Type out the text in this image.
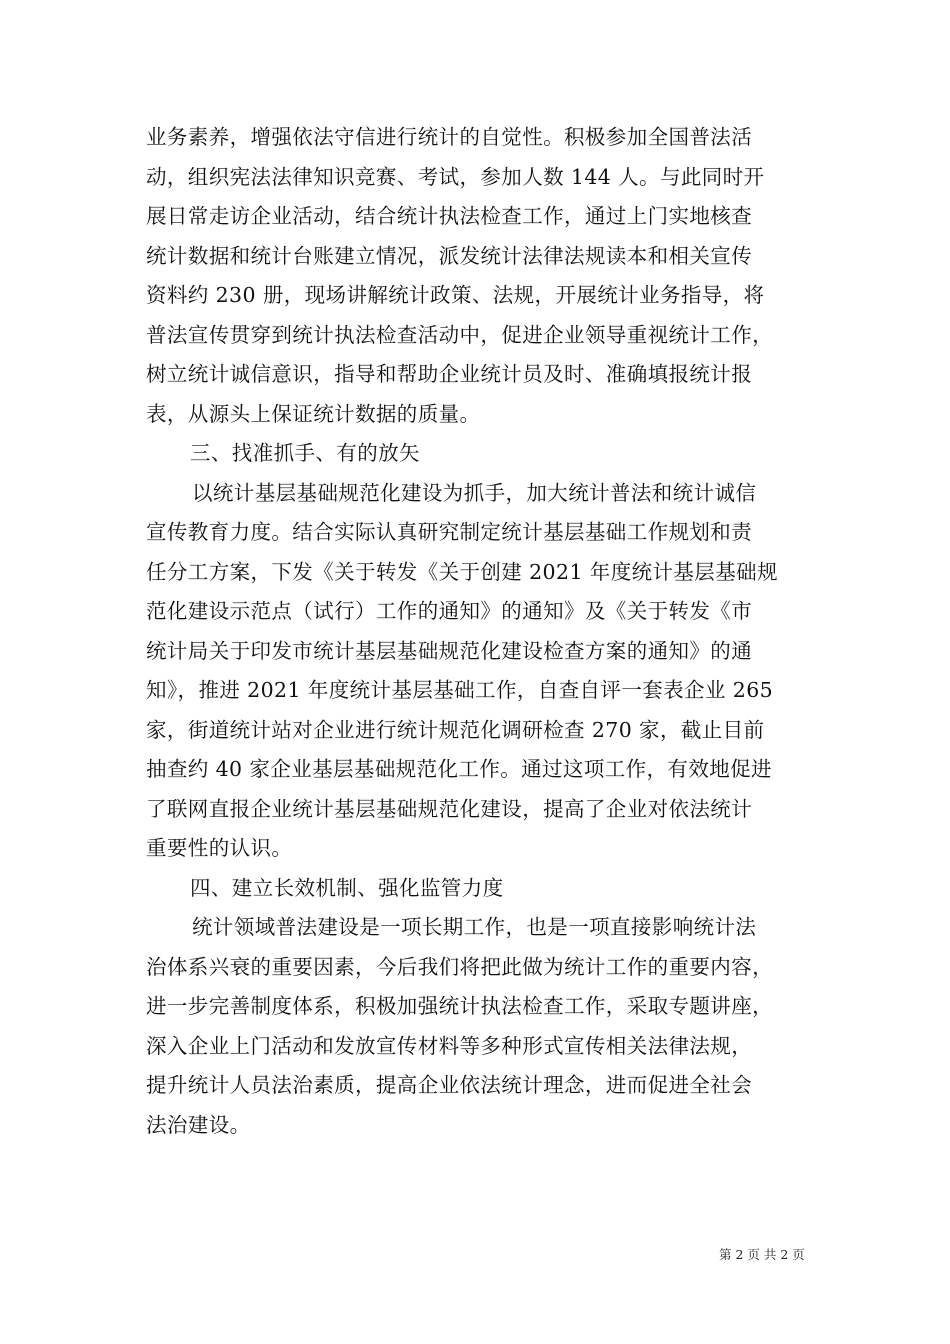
业务素养，增强依法守信进行统计的自觉性。积极参加全国普法活
动，组织宪法法律知识竞赛、考试，参加人数 144 人。与此同时开
展日常走访企业活动，结合统计执法检查工作，通过上门实地核查
统计数据和统计台账建立情况，派发统计法律法规读本和相关宣传
资料约 230 册，现场讲解统计政策、法规，开展统计业务指导，将
普法宣传贯穿到统计执法检查活动中，促进企业领导重视统计工作，
树立统计诚信意识，指导和帮助企业统计员及时、准确填报统计报
表，从源头上保证统计数据的质量。

三、找准抓手、有的放矢

以统计基层基础规范化建设为抓手，加大统计普法和统计诚信
宣传教育力度。结合实际认真研究制定统计基层基础工作规划和责
任分工方案，下发《关于转发《关于创建 2021 年度统计基层基础规
范化建设示范点（试行）工作的通知》的通知》及《关于转发《市
统计局关于印发市统计基层基础规范化建设检查方案的通知》的通
知》，推进 2021 年度统计基层基础工作，自查自评一套表企业 265
家，街道统计站对企业进行统计规范化调研检查 270 家，截止目前
抽查约 40 家企业基层基础规范化工作。通过这项工作，有效地促进
了联网直报企业统计基层基础规范化建设，提高了企业对依法统计
重要性的认识。

四、建立长效机制、强化监管力度

统计领域普法建设是一项长期工作，也是一项直接影响统计法
治体系兴衰的重要因素，今后我们将把此做为统计工作的重要内容，
进一步完善制度体系，积极加强统计执法检查工作，采取专题讲座，
深入企业上门活动和发放宣传材料等多种形式宣传相关法律法规，
提升统计人员法治素质，提高企业依法统计理念，进而促进全社会
法治建设。

第 2 页 共 2 页
